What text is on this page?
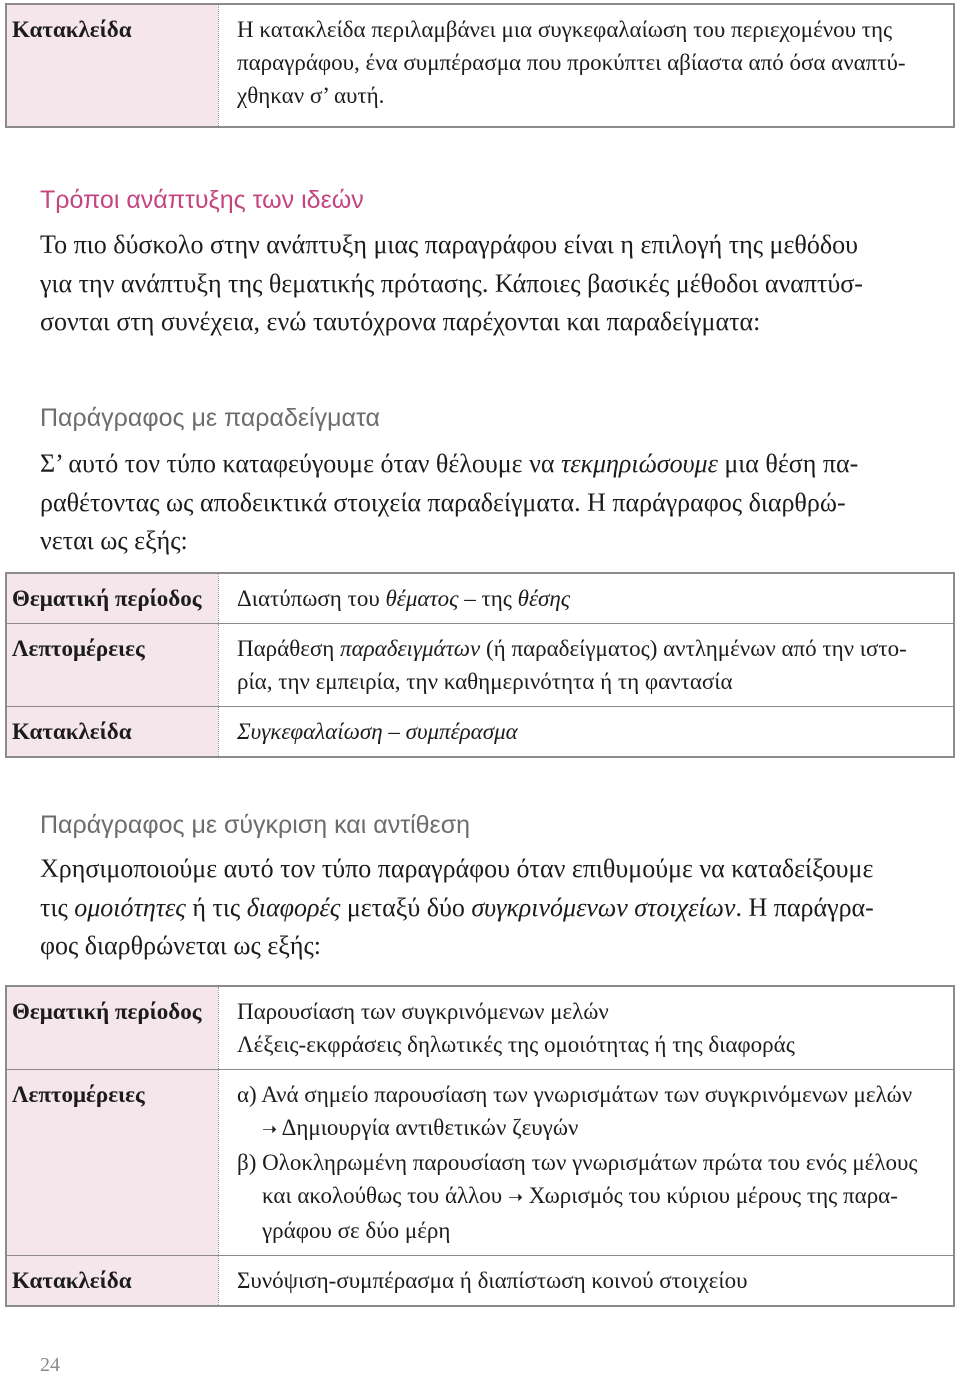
Κατακλείδα	Η κατακλείδα περιλαμβάνει μια συγκεφαλαίωση του περιεχομένου της
παραγράφου, ένα συμπέρασμα που προκύπτει αβίαστα από όσα αναπτύ-
χθηκαν σ’ αυτή.
Τρόποι ανάπτυξης των ιδεών
Το πιο δύσκολο στην ανάπτυξη μιας παραγράφου είναι η επιλογή της μεθόδου
για την ανάπτυξη της θεματικής πρότασης. Κάποιες βασικές μέθοδοι αναπτύσ-
σονται στη συνέχεια, ενώ ταυτόχρονα παρέχονται και παραδείγματα:
Παράγραφος με παραδείγματα
Σ’ αυτό τον τύπο καταφεύγουμε όταν θέλουμε να τεκμηριώσουμε μια θέση πα-
ραθέτοντας ως αποδεικτικά στοιχεία παραδείγματα. Η παράγραφος διαρθρώ-
νεται ως εξής:
Θεματική περίοδος	Διατύπωση του θέματος – της θέσης
Λεπτομέρειες	Παράθεση παραδειγμάτων (ή παραδείγματος) αντλημένων από την ιστο-
ρία, την εμπειρία, την καθημερινότητα ή τη φαντασία
Κατακλείδα	Συγκεφαλαίωση – συμπέρασμα
Παράγραφος με σύγκριση και αντίθεση
Χρησιμοποιούμε αυτό τον τύπο παραγράφου όταν επιθυμούμε να καταδείξουμε
τις ομοιότητες ή τις διαφορές μεταξύ δύο συγκρινόμενων στοιχείων. Η παράγρα-
φος διαρθρώνεται ως εξής:
Θεματική περίοδος	Παρουσίαση των συγκρινόμενων μελών
Λέξεις-εκφράσεις δηλωτικές της ομοιότητας ή της διαφοράς
Λεπτομέρειες	α) Ανά σημείο παρουσίαση των γνωρισμάτων των συγκρινόμενων μελών
➝ Δημιουργία αντιθετικών ζευγών
β) Ολοκληρωμένη παρουσίαση των γνωρισμάτων πρώτα του ενός μέλους
και ακολούθως του άλλου ➝ Χωρισμός του κύριου μέρους της παρα-
γράφου σε δύο μέρη
Κατακλείδα	Συνόψιση-συμπέρασμα ή διαπίστωση κοινού στοιχείου
24
